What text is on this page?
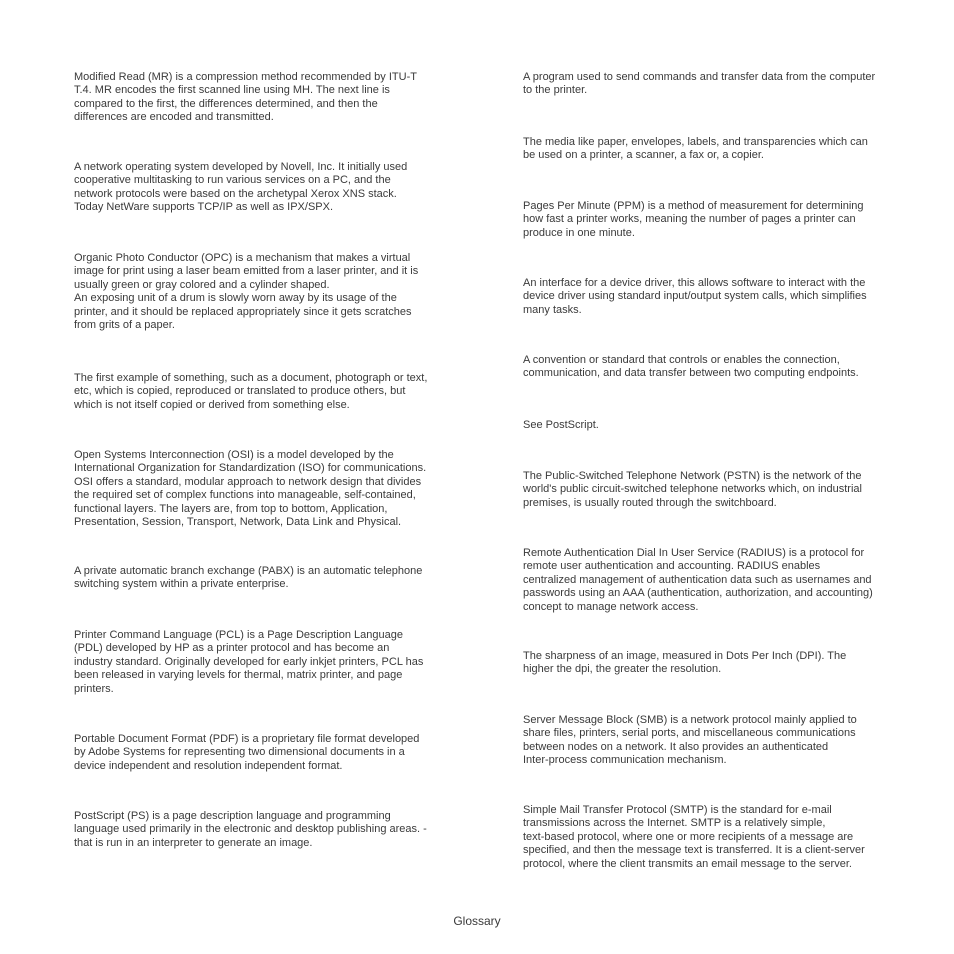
Modified Read (MR) is a compression method recommended by ITU-T
T.4. MR encodes the first scanned line using MH. The next line is
compared to the first, the differences determined, and then the
differences are encoded and transmitted.

A network operating system developed by Novell, Inc. It initially used
cooperative multitasking to run various services on a PC, and the
network protocols were based on the archetypal Xerox XNS stack.
Today NetWare supports TCP/IP as well as IPX/SPX.

Organic Photo Conductor (OPC) is a mechanism that makes a virtual
image for print using a laser beam emitted from a laser printer, and it is
usually green or gray colored and a cylinder shaped.
An exposing unit of a drum is slowly worn away by its usage of the
printer, and it should be replaced appropriately since it gets scratches
from grits of a paper.

The first example of something, such as a document, photograph or text,
etc, which is copied, reproduced or translated to produce others, but
which is not itself copied or derived from something else.

Open Systems Interconnection (OSI) is a model developed by the
International Organization for Standardization (ISO) for communications.
OSI offers a standard, modular approach to network design that divides
the required set of complex functions into manageable, self-contained,
functional layers. The layers are, from top to bottom, Application,
Presentation, Session, Transport, Network, Data Link and Physical.

A private automatic branch exchange (PABX) is an automatic telephone
switching system within a private enterprise.

Printer Command Language (PCL) is a Page Description Language
(PDL) developed by HP as a printer protocol and has become an
industry standard. Originally developed for early inkjet printers, PCL has
been released in varying levels for thermal, matrix printer, and page
printers.

Portable Document Format (PDF) is a proprietary file format developed
by Adobe Systems for representing two dimensional documents in a
device independent and resolution independent format.

PostScript (PS) is a page description language and programming
language used primarily in the electronic and desktop publishing areas. -
that is run in an interpreter to generate an image.

A program used to send commands and transfer data from the computer
to the printer.

The media like paper, envelopes, labels, and transparencies which can
be used on a printer, a scanner, a fax or, a copier.

Pages Per Minute (PPM) is a method of measurement for determining
how fast a printer works, meaning the number of pages a printer can
produce in one minute.

An interface for a device driver, this allows software to interact with the
device driver using standard input/output system calls, which simplifies
many tasks.

A convention or standard that controls or enables the connection,
communication, and data transfer between two computing endpoints.

See PostScript.

The Public-Switched Telephone Network (PSTN) is the network of the
world's public circuit-switched telephone networks which, on industrial
premises, is usually routed through the switchboard.

Remote Authentication Dial In User Service (RADIUS) is a protocol for
remote user authentication and accounting. RADIUS enables
centralized management of authentication data such as usernames and
passwords using an AAA (authentication, authorization, and accounting)
concept to manage network access.

The sharpness of an image, measured in Dots Per Inch (DPI). The
higher the dpi, the greater the resolution.

Server Message Block (SMB) is a network protocol mainly applied to
share files, printers, serial ports, and miscellaneous communications
between nodes on a network. It also provides an authenticated
Inter-process communication mechanism.

Simple Mail Transfer Protocol (SMTP) is the standard for e-mail
transmissions across the Internet. SMTP is a relatively simple,
text-based protocol, where one or more recipients of a message are
specified, and then the message text is transferred. It is a client-server
protocol, where the client transmits an email message to the server.

Glossary
